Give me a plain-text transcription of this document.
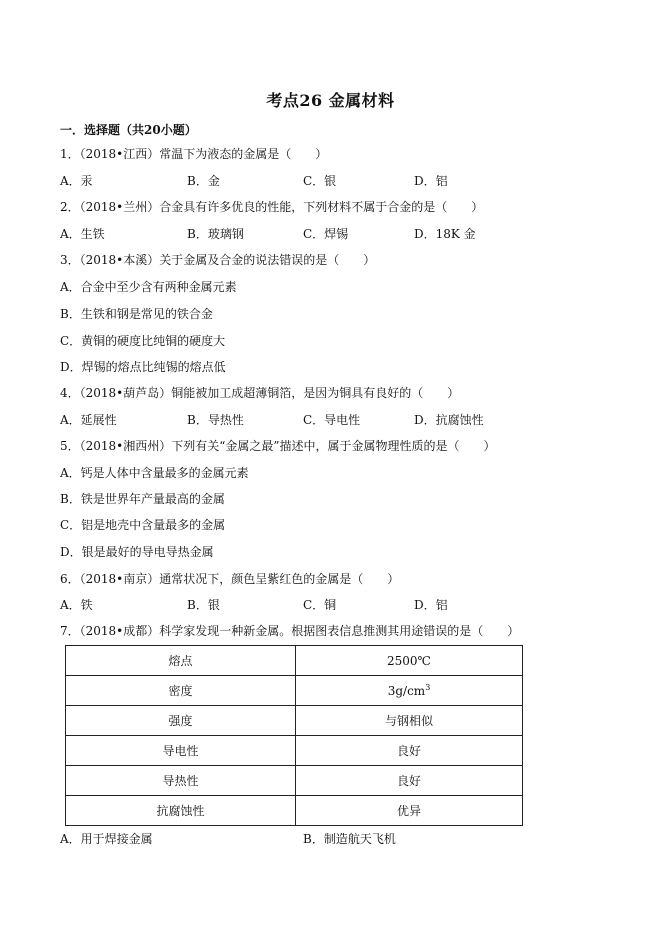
考点26 金属材料
一．选择题（共20小题）
1．（2018•江西）常温下为液态的金属是（　　）
A．汞	B．金	C．银	D．铝
2．（2018•兰州）合金具有许多优良的性能，下列材料不属于合金的是（　　）
A．生铁	B．玻璃钢	C．焊锡	D．18K 金
3．（2018•本溪）关于金属及合金的说法错误的是（　　）
A．合金中至少含有两种金属元素
B．生铁和钢是常见的铁合金
C．黄铜的硬度比纯铜的硬度大
D．焊锡的熔点比纯锡的熔点低
4．（2018•葫芦岛）铜能被加工成超薄铜箔，是因为铜具有良好的（　　）
A．延展性	B．导热性	C．导电性	D．抗腐蚀性
5．（2018•湘西州）下列有关“金属之最”描述中，属于金属物理性质的是（　　）
A．钙是人体中含量最多的金属元素
B．铁是世界年产量最高的金属
C．铝是地壳中含量最多的金属
D．银是最好的导电导热金属
6．（2018•南京）通常状况下，颜色呈紫红色的金属是（　　）
A．铁	B．银	C．铜	D．铝
7．（2018•成都）科学家发现一种新金属。根据图表信息推测其用途错误的是（　　）
熔点	2500℃
密度	$3g/cm^3$
强度	与钢相似
导电性	良好
导热性	良好
抗腐蚀性	优异
A．用于焊接金属	B．制造航天飞机
